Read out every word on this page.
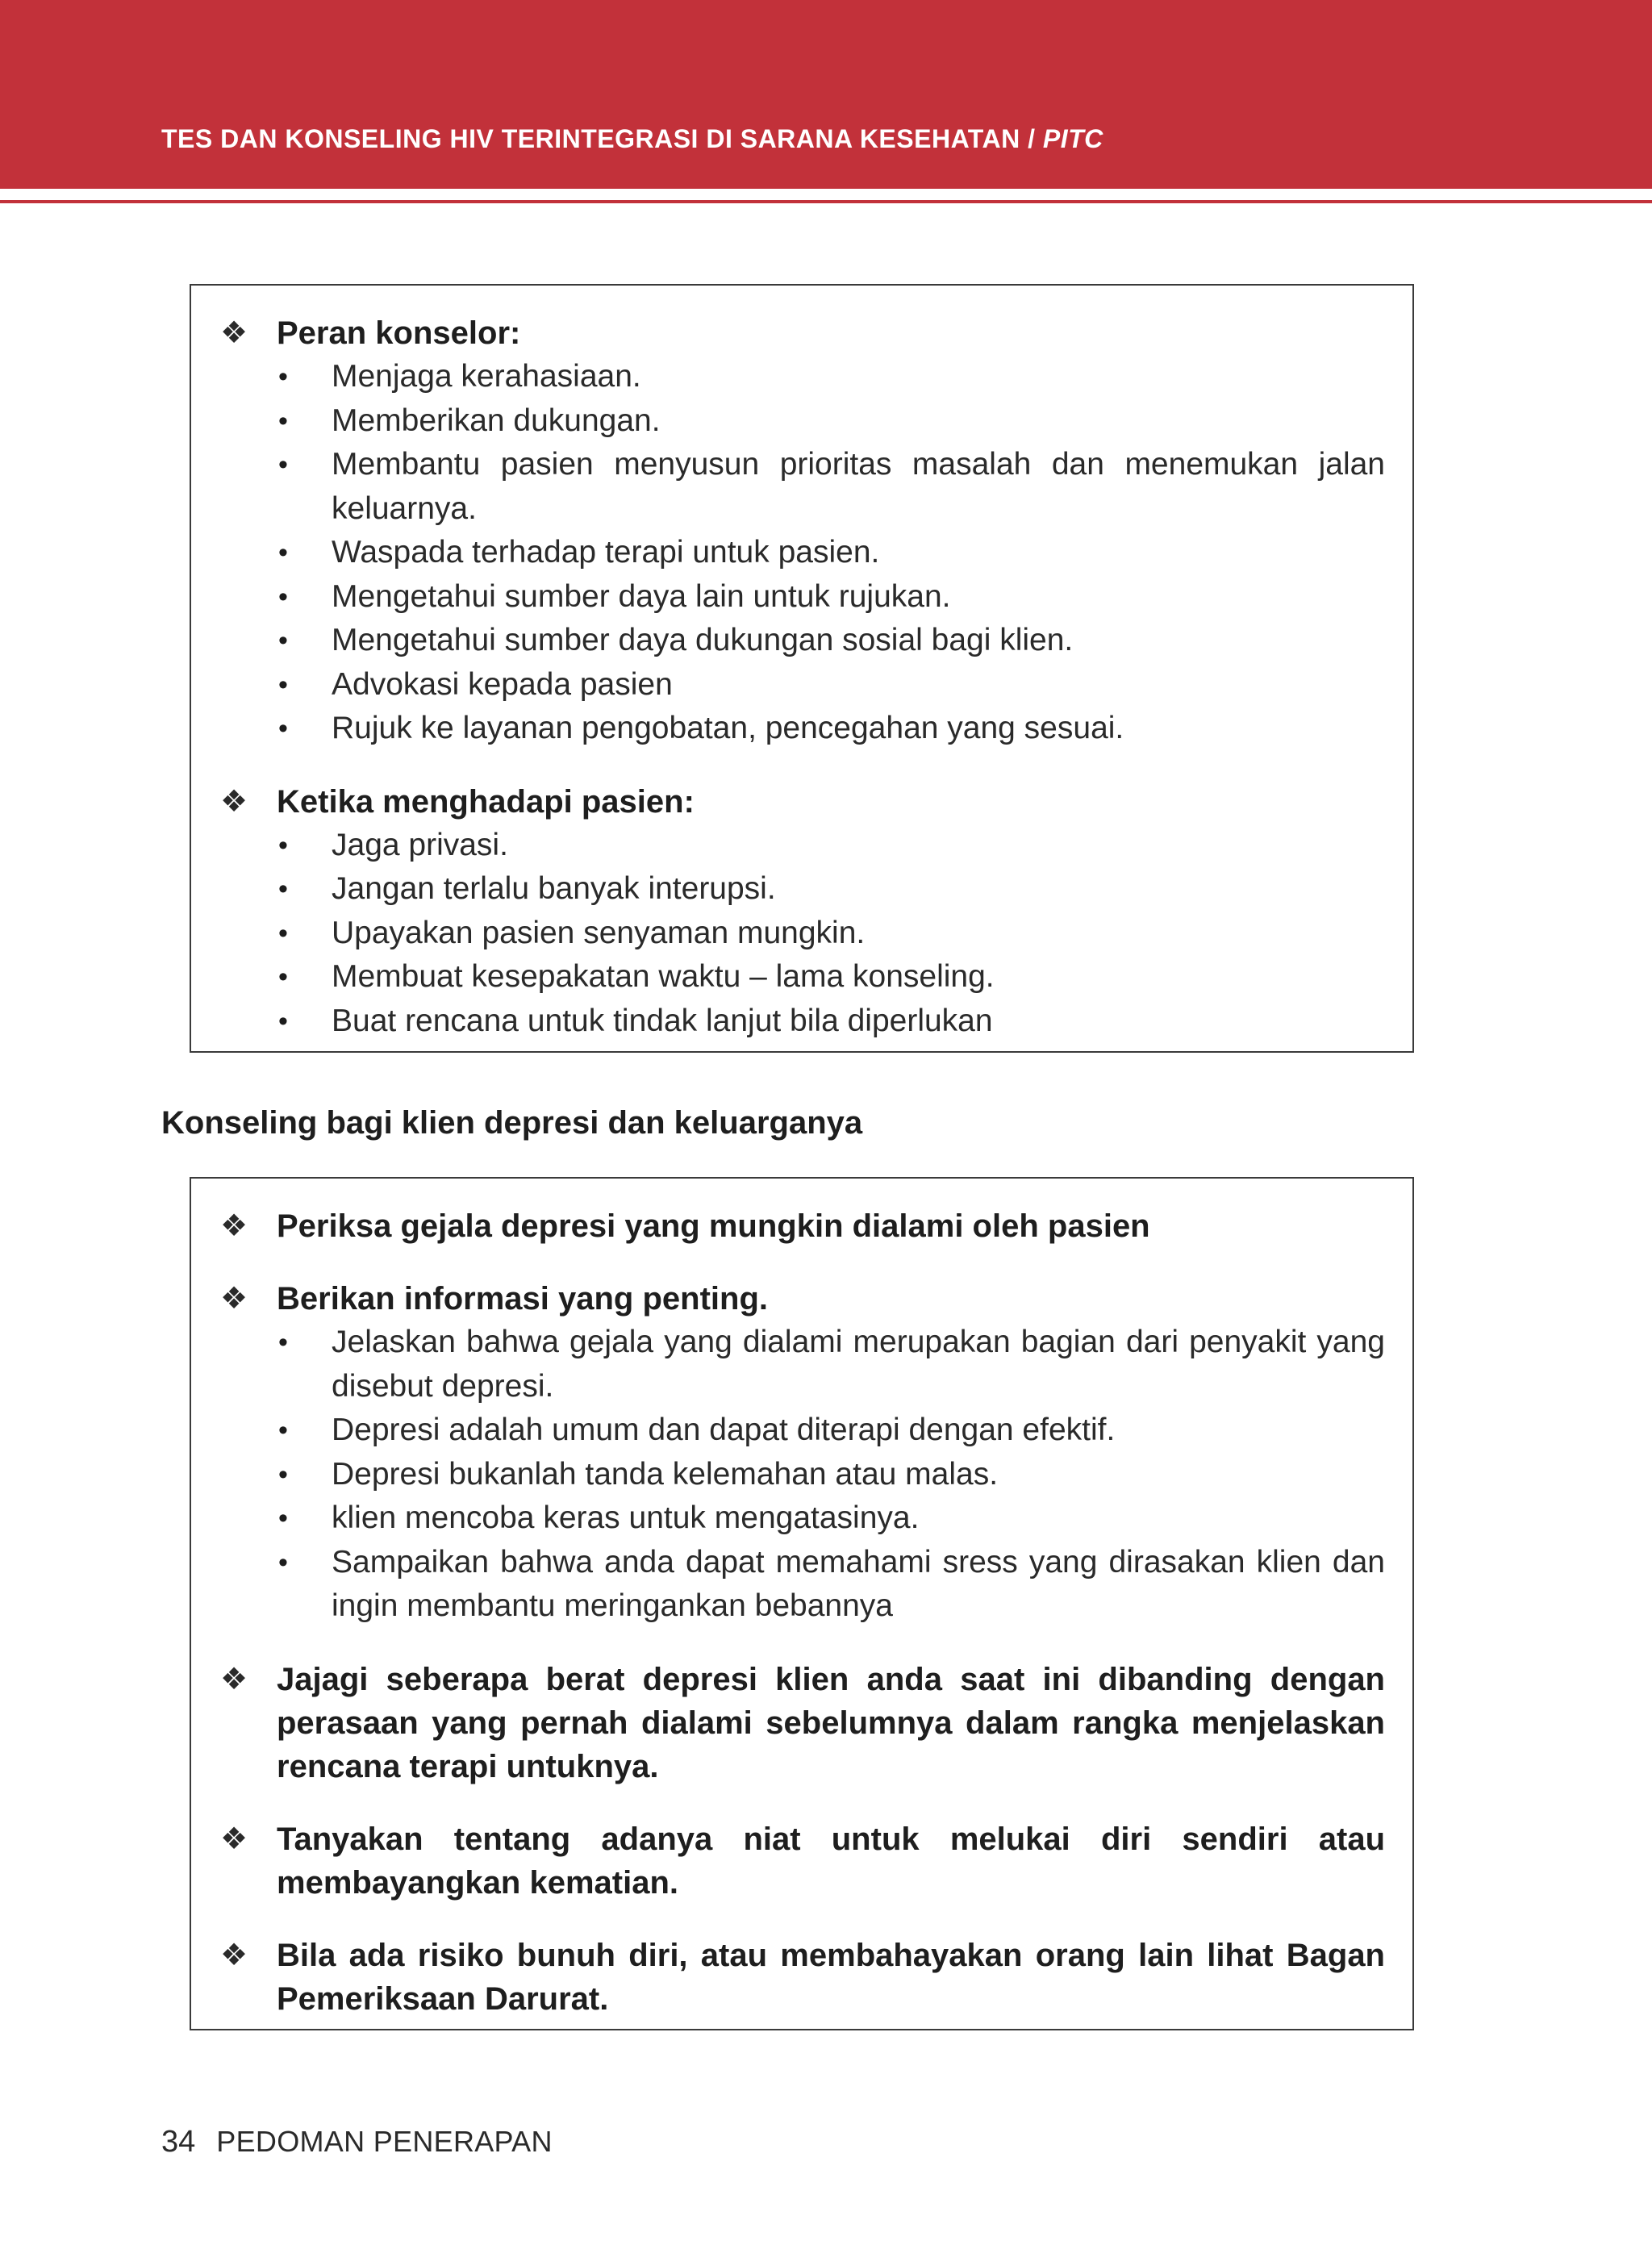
TES DAN KONSELING HIV TERINTEGRASI DI SARANA KESEHATAN / PITC
❖ Peran konselor:
•	Menjaga kerahasiaan.
•	Memberikan dukungan.
•	Membantu pasien menyusun prioritas masalah dan menemukan jalan keluarnya.
•	Waspada terhadap terapi untuk pasien.
•	Mengetahui sumber daya lain untuk rujukan.
•	Mengetahui sumber daya dukungan sosial bagi klien.
•	Advokasi kepada pasien
•	Rujuk ke layanan pengobatan, pencegahan yang sesuai.
❖ Ketika menghadapi pasien:
•	Jaga privasi.
•	Jangan terlalu banyak interupsi.
•	Upayakan pasien senyaman mungkin.
•	Membuat kesepakatan waktu – lama konseling.
•	Buat rencana untuk tindak lanjut bila diperlukan
Konseling bagi klien depresi dan keluarganya
❖ Periksa gejala depresi yang mungkin dialami oleh pasien
❖ Berikan informasi yang penting.
•	Jelaskan bahwa gejala yang dialami merupakan bagian dari penyakit yang disebut depresi.
•	Depresi adalah umum dan dapat diterapi dengan efektif.
•	Depresi bukanlah tanda kelemahan atau malas.
•	klien mencoba keras untuk mengatasinya.
•	Sampaikan bahwa anda dapat memahami sress yang dirasakan klien dan ingin membantu meringankan bebannya
❖ Jajagi seberapa berat depresi klien anda saat ini dibanding dengan perasaan yang pernah dialami sebelumnya dalam rangka menjelaskan rencana terapi untuknya.
❖ Tanyakan tentang adanya niat untuk melukai diri sendiri atau membayangkan kematian.
❖ Bila ada risiko bunuh diri, atau membahayakan orang lain lihat Bagan Pemeriksaan Darurat.
34 PEDOMAN PENERAPAN
